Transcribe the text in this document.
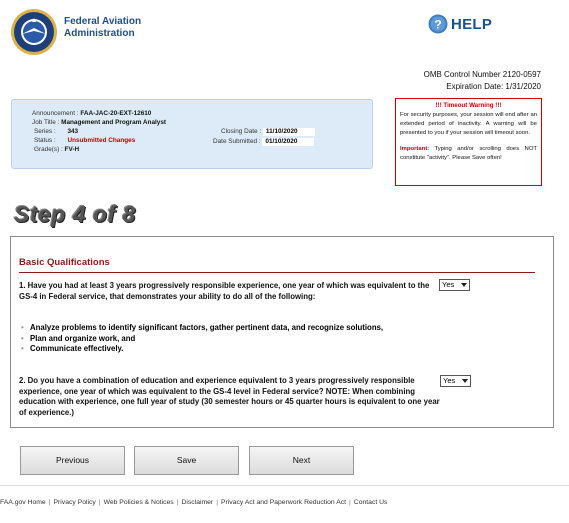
Federal Aviation
Administration
? HELP
OMB Control Number 2120-0597
Expiration Date: 1/31/2020
Announcement : FAA-JAC-20-EXT-12610
Job Title : Management and Program Analyst
Series : 343
Status : Unsubmitted Changes
Grade(s) : FV-H
Closing Date : 11/10/2020
Date Submitted : 01/10/2020
!!! Timeout Warning !!!
For security purposes, your session will end after an extended period of inactivity. A warning will be presented to you if your session will timeout soon.
Important: Typing and/or scrolling does NOT constitute "activity". Please Save often!
Step 4 of 8
Basic Qualifications
1. Have you had at least 3 years progressively responsible experience, one year of which was equivalent to the GS-4 in Federal service, that demonstrates your ability to do all of the following:
Yes
• Analyze problems to identify significant factors, gather pertinent data, and recognize solutions,
• Plan and organize work, and
• Communicate effectively.
2. Do you have a combination of education and experience equivalent to 3 years progressively responsible experience, one year of which was equivalent to the GS-4 level in Federal service? NOTE: When combining education with experience, one full year of study (30 semester hours or 45 quarter hours is equivalent to one year of experience.)
Yes
Previous	Save	Next
FAA.gov Home | Privacy Policy | Web Policies & Notices | Disclaimer | Privacy Act and Paperwork Reduction Act | Contact Us
